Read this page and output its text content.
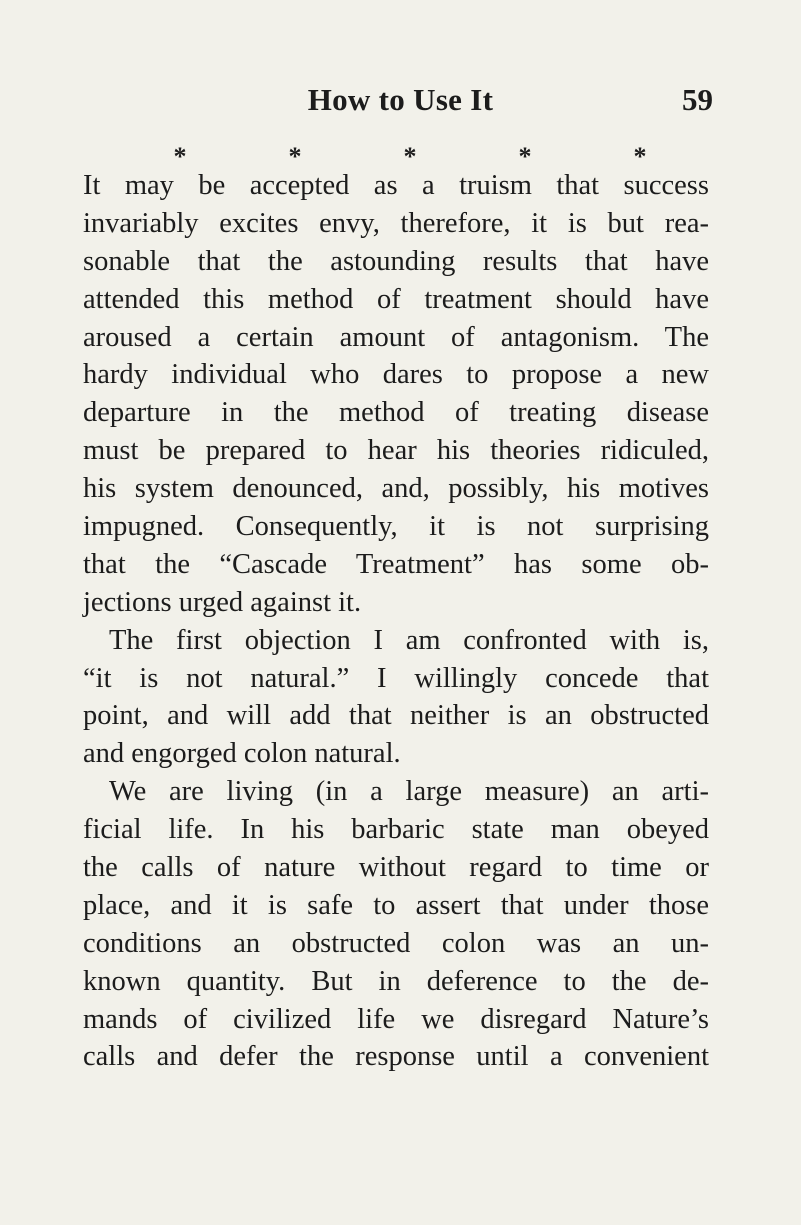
How to Use It	59
*	*	*	*	*
It may be accepted as a truism that success
invariably excites envy, therefore, it is but rea-
sonable that the astounding results that have
attended this method of treatment should have
aroused a certain amount of antagonism. The
hardy individual who dares to propose a new
departure in the method of treating disease
must be prepared to hear his theories ridiculed,
his system denounced, and, possibly, his motives
impugned. Consequently, it is not surprising
that the “Cascade Treatment” has some ob-
jections urged against it.
The first objection I am confronted with is,
“it is not natural.” I willingly concede that
point, and will add that neither is an obstructed
and engorged colon natural.
We are living (in a large measure) an arti-
ficial life. In his barbaric state man obeyed
the calls of nature without regard to time or
place, and it is safe to assert that under those
conditions an obstructed colon was an un-
known quantity. But in deference to the de-
mands of civilized life we disregard Nature’s
calls and defer the response until a convenient
